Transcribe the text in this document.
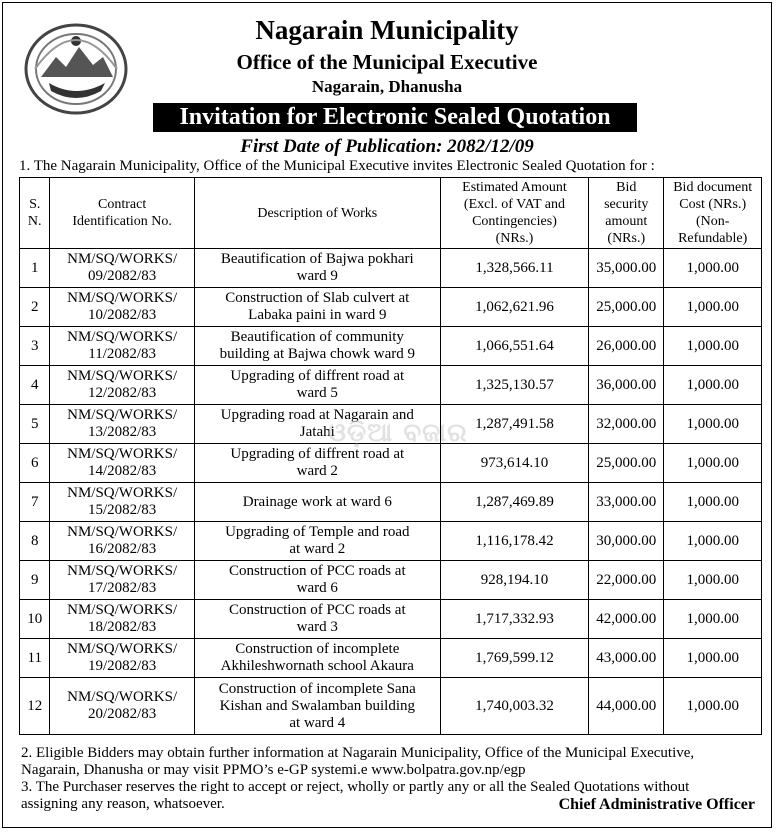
Nagarain Municipality
Office of the Municipal Executive
Nagarain, Dhanusha
Invitation for Electronic Sealed Quotation
First Date of Publication: 2082/12/09
1. The Nagarain Municipality, Office of the Municipal Executive invites Electronic Sealed Quotation for :
S.
N.	Contract
Identification No.	Description of Works	Estimated Amount
(Excl. of VAT and
Contingencies)
(NRs.)	Bid
security
amount
(NRs.)	Bid document
Cost (NRs.)
(Non-
Refundable)
1	NM/SQ/WORKS/
09/2082/83	Beautification of Bajwa pokhari
ward 9	1,328,566.11	35,000.00	1,000.00
2	NM/SQ/WORKS/
10/2082/83	Construction of Slab culvert at
Labaka paini in ward 9	1,062,621.96	25,000.00	1,000.00
3	NM/SQ/WORKS/
11/2082/83	Beautification of community
building at Bajwa chowk ward 9	1,066,551.64	26,000.00	1,000.00
4	NM/SQ/WORKS/
12/2082/83	Upgrading of diffrent road at
ward 5	1,325,130.57	36,000.00	1,000.00
5	NM/SQ/WORKS/
13/2082/83	Upgrading road at Nagarain and
Jatahi	1,287,491.58	32,000.00	1,000.00
6	NM/SQ/WORKS/
14/2082/83	Upgrading of diffrent road at
ward 2	973,614.10	25,000.00	1,000.00
7	NM/SQ/WORKS/
15/2082/83	Drainage work at ward 6	1,287,469.89	33,000.00	1,000.00
8	NM/SQ/WORKS/
16/2082/83	Upgrading of Temple and road
at ward 2	1,116,178.42	30,000.00	1,000.00
9	NM/SQ/WORKS/
17/2082/83	Construction of PCC roads at
ward 6	928,194.10	22,000.00	1,000.00
10	NM/SQ/WORKS/
18/2082/83	Construction of PCC roads at
ward 3	1,717,332.93	42,000.00	1,000.00
11	NM/SQ/WORKS/
19/2082/83	Construction of incomplete
Akhileshwornath school Akaura	1,769,599.12	43,000.00	1,000.00
12	NM/SQ/WORKS/
20/2082/83	Construction of incomplete Sana
Kishan and Swalamban building
at ward 4	1,740,003.32	44,000.00	1,000.00
ଓଡ଼ିଆ ବଜାର
2. Eligible Bidders may obtain further information at Nagarain Municipality, Office of the Municipal Executive,
Nagarain, Dhanusha or may visit PPMO’s e-GP systemi.e www.bolpatra.gov.np/egp
3. The Purchaser reserves the right to accept or reject, wholly or partly any or all the Sealed Quotations without
assigning any reason, whatsoever.	Chief Administrative Officer
